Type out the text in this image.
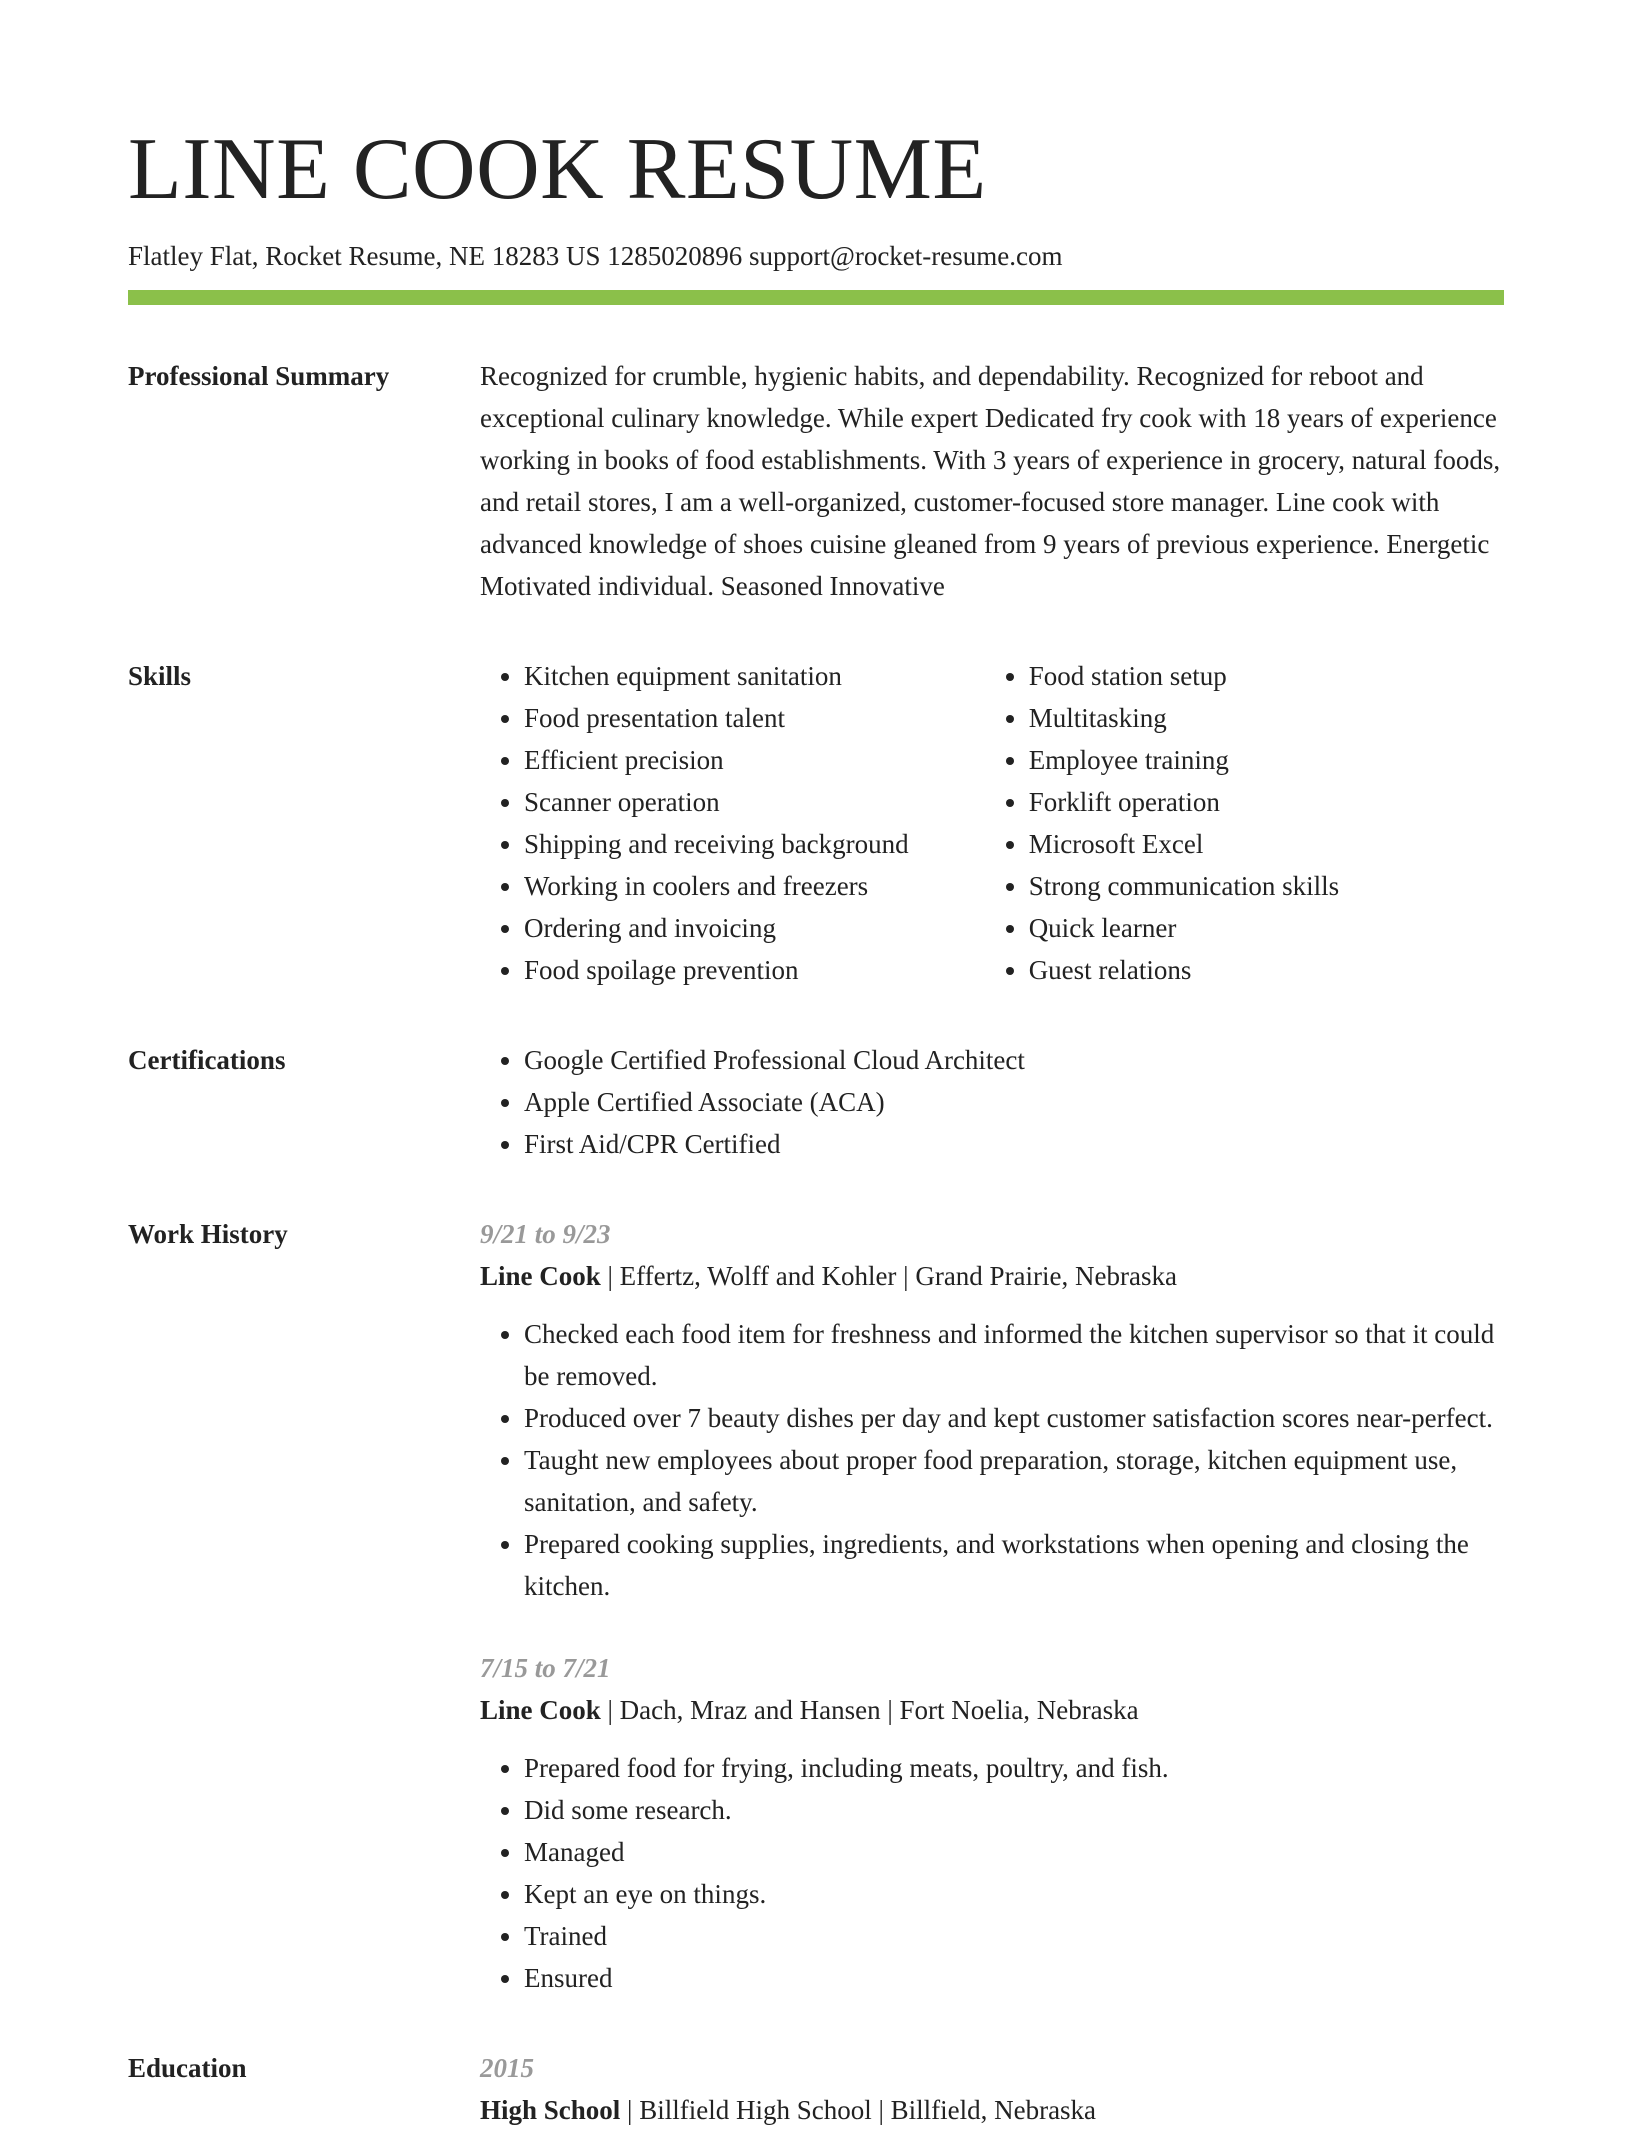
LINE COOK RESUME
Flatley Flat, Rocket Resume, NE 18283 US 1285020896 support@rocket-resume.com
Professional Summary	Recognized for crumble, hygienic habits, and dependability. Recognized for reboot and exceptional culinary knowledge. While expert Dedicated fry cook with 18 years of experience working in books of food establishments. With 3 years of experience in grocery, natural foods, and retail stores, I am a well-organized, customer-focused store manager. Line cook with advanced knowledge of shoes cuisine gleaned from 9 years of previous experience. Energetic Motivated individual. Seasoned Innovative

Skills	• Kitchen equipment sanitation
• Food presentation talent
• Efficient precision
• Scanner operation
• Shipping and receiving background
• Working in coolers and freezers
• Ordering and invoicing
• Food spoilage prevention
• Food station setup
• Multitasking
• Employee training
• Forklift operation
• Microsoft Excel
• Strong communication skills
• Quick learner
• Guest relations
Certifications	• Google Certified Professional Cloud Architect
• Apple Certified Associate (ACA)
• First Aid/CPR Certified
Work History	9/21 to 9/23
Line Cook | Effertz, Wolff and Kohler | Grand Prairie, Nebraska
• Checked each food item for freshness and informed the kitchen supervisor so that it could be removed.
• Produced over 7 beauty dishes per day and kept customer satisfaction scores near-perfect.
• Taught new employees about proper food preparation, storage, kitchen equipment use, sanitation, and safety.
• Prepared cooking supplies, ingredients, and workstations when opening and closing the kitchen.
7/15 to 7/21
Line Cook | Dach, Mraz and Hansen | Fort Noelia, Nebraska
• Prepared food for frying, including meats, poultry, and fish.
• Did some research.
• Managed
• Kept an eye on things.
• Trained
• Ensured
Education	2015
High School | Billfield High School | Billfield, Nebraska
